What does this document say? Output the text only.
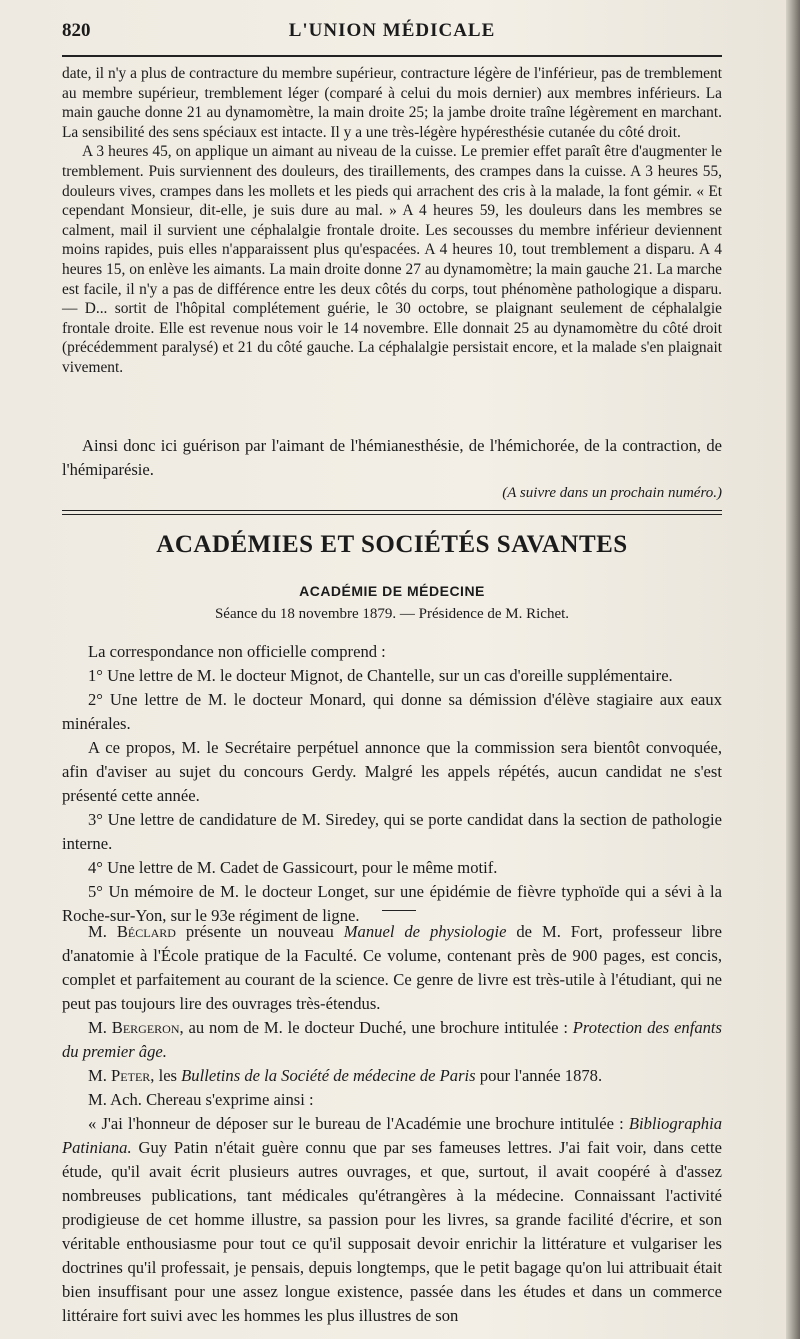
L'UNION MÉDICALE
820

date, il n'y a plus de contracture du membre supérieur, contracture légère de l'inférieur, pas de tremblement au membre supérieur, tremblement léger (comparé à celui du mois dernier) aux membres inférieurs. La main gauche donne 21 au dynamomètre, la main droite 25; la jambe droite traîne légèrement en marchant. La sensibilité des sens spéciaux est intacte. Il y a une très-légère hypéresthésie cutanée du côté droit.

A 3 heures 45, on applique un aimant au niveau de la cuisse. Le premier effet paraît être d'augmenter le tremblement. Puis surviennent des douleurs, des tiraillements, des crampes dans la cuisse. A 3 heures 55, douleurs vives, crampes dans les mollets et les pieds qui arrachent des cris à la malade, la font gémir. « Et cependant Monsieur, dit-elle, je suis dure au mal. » A 4 heures 59, les douleurs dans les membres se calment, mail il survient une céphalalgie frontale droite. Les secousses du membre inférieur deviennent moins rapides, puis elles n'apparaissent plus qu'espacées. A 4 heures 10, tout tremblement a disparu. A 4 heures 15, on enlève les aimants. La main droite donne 27 au dynamomètre; la main gauche 21. La marche est facile, il n'y a pas de différence entre les deux côtés du corps, tout phénomène pathologique a disparu. — D... sortit de l'hôpital complétement guérie, le 30 octobre, se plaignant seulement de céphalalgie frontale droite. Elle est revenue nous voir le 14 novembre. Elle donnait 25 au dynamomètre du côté droit (précédemment paralysé) et 21 du côté gauche. La céphalalgie persistait encore, et la malade s'en plaignait vivement.

Ainsi donc ici guérison par l'aimant de l'hémianesthésie, de l'hémichorée, de la contraction, de l'hémiparésie.

(A suivre dans un prochain numéro.)

ACADÉMIES ET SOCIÉTÉS SAVANTES
ACADÉMIE DE MÉDECINE
Séance du 18 novembre 1879. — Présidence de M. Richet.

La correspondance non officielle comprend :

1° Une lettre de M. le docteur Mignot, de Chantelle, sur un cas d'oreille supplémentaire.

2° Une lettre de M. le docteur Monard, qui donne sa démission d'élève stagiaire aux eaux minérales.

A ce propos, M. le Secrétaire perpétuel annonce que la commission sera bientôt convoquée, afin d'aviser au sujet du concours Gerdy. Malgré les appels répétés, aucun candidat ne s'est présenté cette année.

3° Une lettre de candidature de M. Siredey, qui se porte candidat dans la section de pathologie interne.

4° Une lettre de M. Cadet de Gassicourt, pour le même motif.

5° Un mémoire de M. le docteur Longet, sur une épidémie de fièvre typhoïde qui a sévi à la Roche-sur-Yon, sur le 93e régiment de ligne.

M. Béclard présente un nouveau Manuel de physiologie de M. Fort, professeur libre d'anatomie à l'École pratique de la Faculté. Ce volume, contenant près de 900 pages, est concis, complet et parfaitement au courant de la science. Ce genre de livre est très-utile à l'étudiant, qui ne peut pas toujours lire des ouvrages très-étendus.

M. Bergeron, au nom de M. le docteur Duché, une brochure intitulée : Protection des enfants du premier âge.

M. Peter, les Bulletins de la Société de médecine de Paris pour l'année 1878.

M. Ach. Chereau s'exprime ainsi :

« J'ai l'honneur de déposer sur le bureau de l'Académie une brochure intitulée : Bibliographia Patiniana. Guy Patin n'était guère connu que par ses fameuses lettres. J'ai fait voir, dans cette étude, qu'il avait écrit plusieurs autres ouvrages, et que, surtout, il avait coopéré à d'assez nombreuses publications, tant médicales qu'étrangères à la médecine. Connaissant l'activité prodigieuse de cet homme illustre, sa passion pour les livres, sa grande facilité d'écrire, et son véritable enthousiasme pour tout ce qu'il supposait devoir enrichir la littérature et vulgariser les doctrines qu'il professait, je pensais, depuis longtemps, que le petit bagage qu'on lui attribuait était bien insuffisant pour une assez longue existence, passée dans les études et dans un commerce littéraire fort suivi avec les hommes les plus illustres de son
